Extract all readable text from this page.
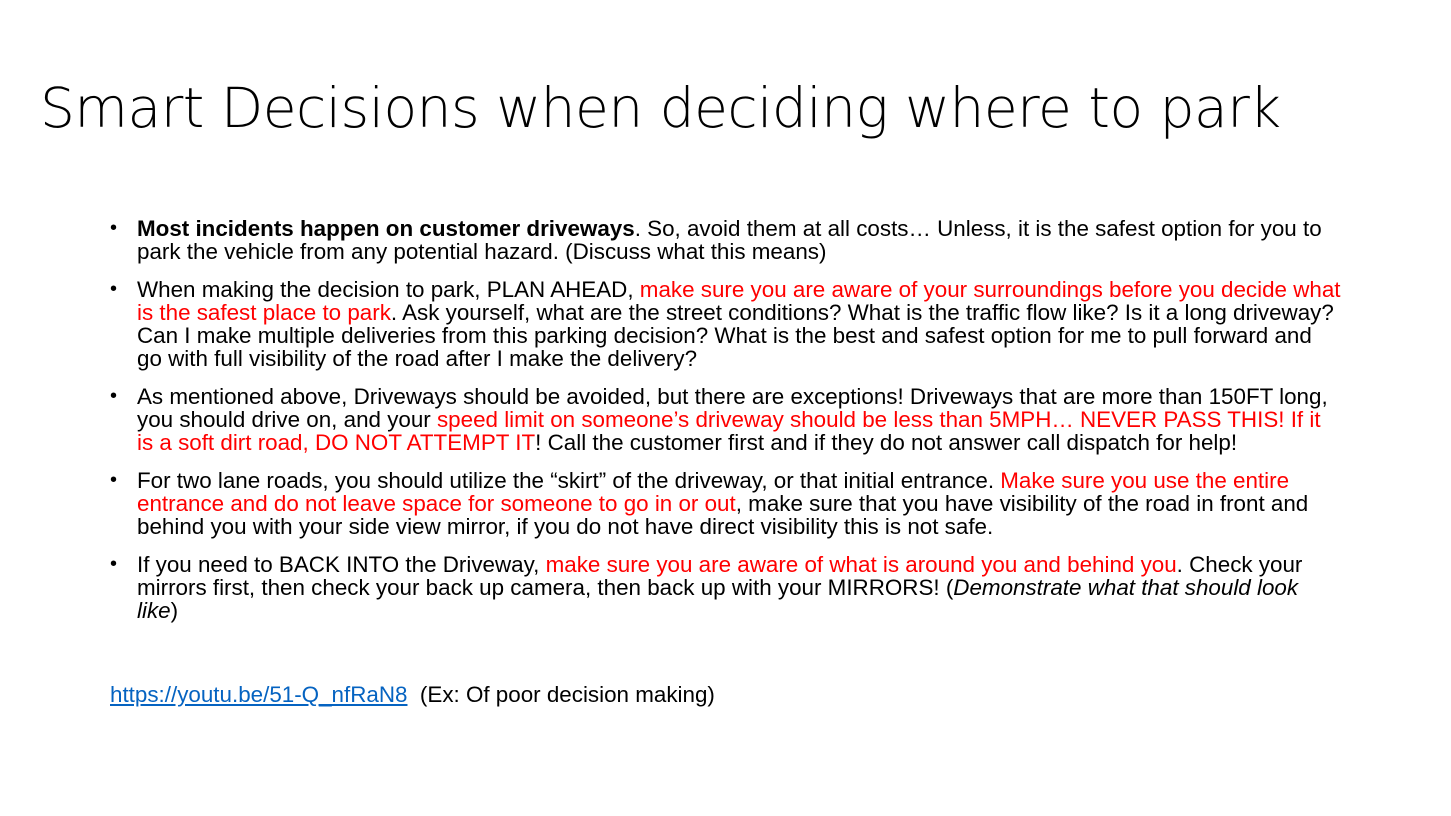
Smart Decisions when deciding where to park
• Most incidents happen on customer driveways. So, avoid them at all costs… Unless, it is the safest option for you to park the vehicle from any potential hazard. (Discuss what this means)
• When making the decision to park, PLAN AHEAD, make sure you are aware of your surroundings before you decide what is the safest place to park. Ask yourself, what are the street conditions? What is the traffic flow like? Is it a long driveway? Can I make multiple deliveries from this parking decision? What is the best and safest option for me to pull forward and go with full visibility of the road after I make the delivery?
• As mentioned above, Driveways should be avoided, but there are exceptions! Driveways that are more than 150FT long, you should drive on, and your speed limit on someone’s driveway should be less than 5MPH… NEVER PASS THIS! If it is a soft dirt road, DO NOT ATTEMPT IT! Call the customer first and if they do not answer call dispatch for help!
• For two lane roads, you should utilize the “skirt” of the driveway, or that initial entrance. Make sure you use the entire entrance and do not leave space for someone to go in or out, make sure that you have visibility of the road in front and behind you with your side view mirror, if you do not have direct visibility this is not safe.
• If you need to BACK INTO the Driveway, make sure you are aware of what is around you and behind you. Check your mirrors first, then check your back up camera, then back up with your MIRRORS! (Demonstrate what that should look like)
https://youtu.be/51-Q_nfRaN8  (Ex: Of poor decision making)
